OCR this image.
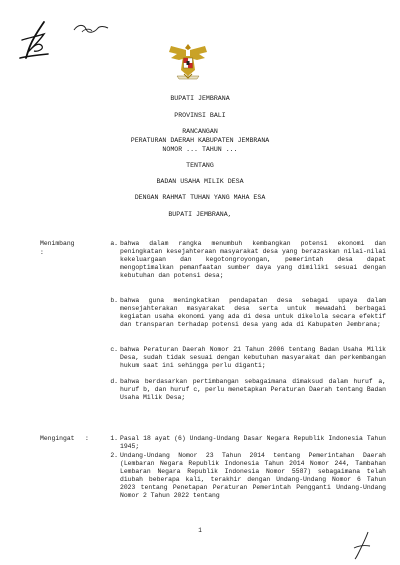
BUPATI JEMBRANA
PROVINSI BALI
RANCANGAN
PERATURAN DAERAH KABUPATEN JEMBRANA
NOMOR ... TAHUN ...
TENTANG
BADAN USAHA MILIK DESA
DENGAN RAHMAT TUHAN YANG MAHA ESA
BUPATI JEMBRANA,
Menimbang
:
a. bahwa dalam rangka menumbuh kembangkan potensi ekonomi dan peningkatan kesejahteraan masyarakat desa yang berazaskan nilai-nilai kekeluargaan dan kegotongroyongan, pemerintah desa dapat mengoptimalkan pemanfaatan sumber daya yang dimiliki sesuai dengan kebutuhan dan potensi desa;
b. bahwa guna meningkatkan pendapatan desa sebagai upaya dalam mensejahterakan masyarakat desa serta untuk mewadahi berbagai kegiatan usaha ekonomi yang ada di desa untuk dikelola secara efektif dan transparan terhadap potensi desa yang ada di Kabupaten Jembrana;
c. bahwa Peraturan Daerah Nomor 21 Tahun 2006 tentang Badan Usaha Milik Desa, sudah tidak sesuai dengan kebutuhan masyarakat dan perkembangan hukum saat ini sehingga perlu diganti;
d. bahwa berdasarkan pertimbangan sebagaimana dimaksud dalam huruf a, huruf b, dan huruf c, perlu menetapkan Peraturan Daerah tentang Badan Usaha Milik Desa;
Mengingat :	1. Pasal 18 ayat (6) Undang-Undang Dasar Negara Republik Indonesia Tahun 1945;
2. Undang-Undang Nomor 23 Tahun 2014 tentang Pemerintahan Daerah (Lembaran Negara Republik Indonesia Tahun 2014 Nomor 244, Tambahan Lembaran Negara Republik Indonesia Nomor 5587) sebagaimana telah diubah beberapa kali, terakhir dengan Undang-Undang Nomor 6 Tahun 2023 tentang Penetapan Peraturan Pemerintah Pengganti Undang-Undang Nomor 2 Tahun 2022 tentang
1
